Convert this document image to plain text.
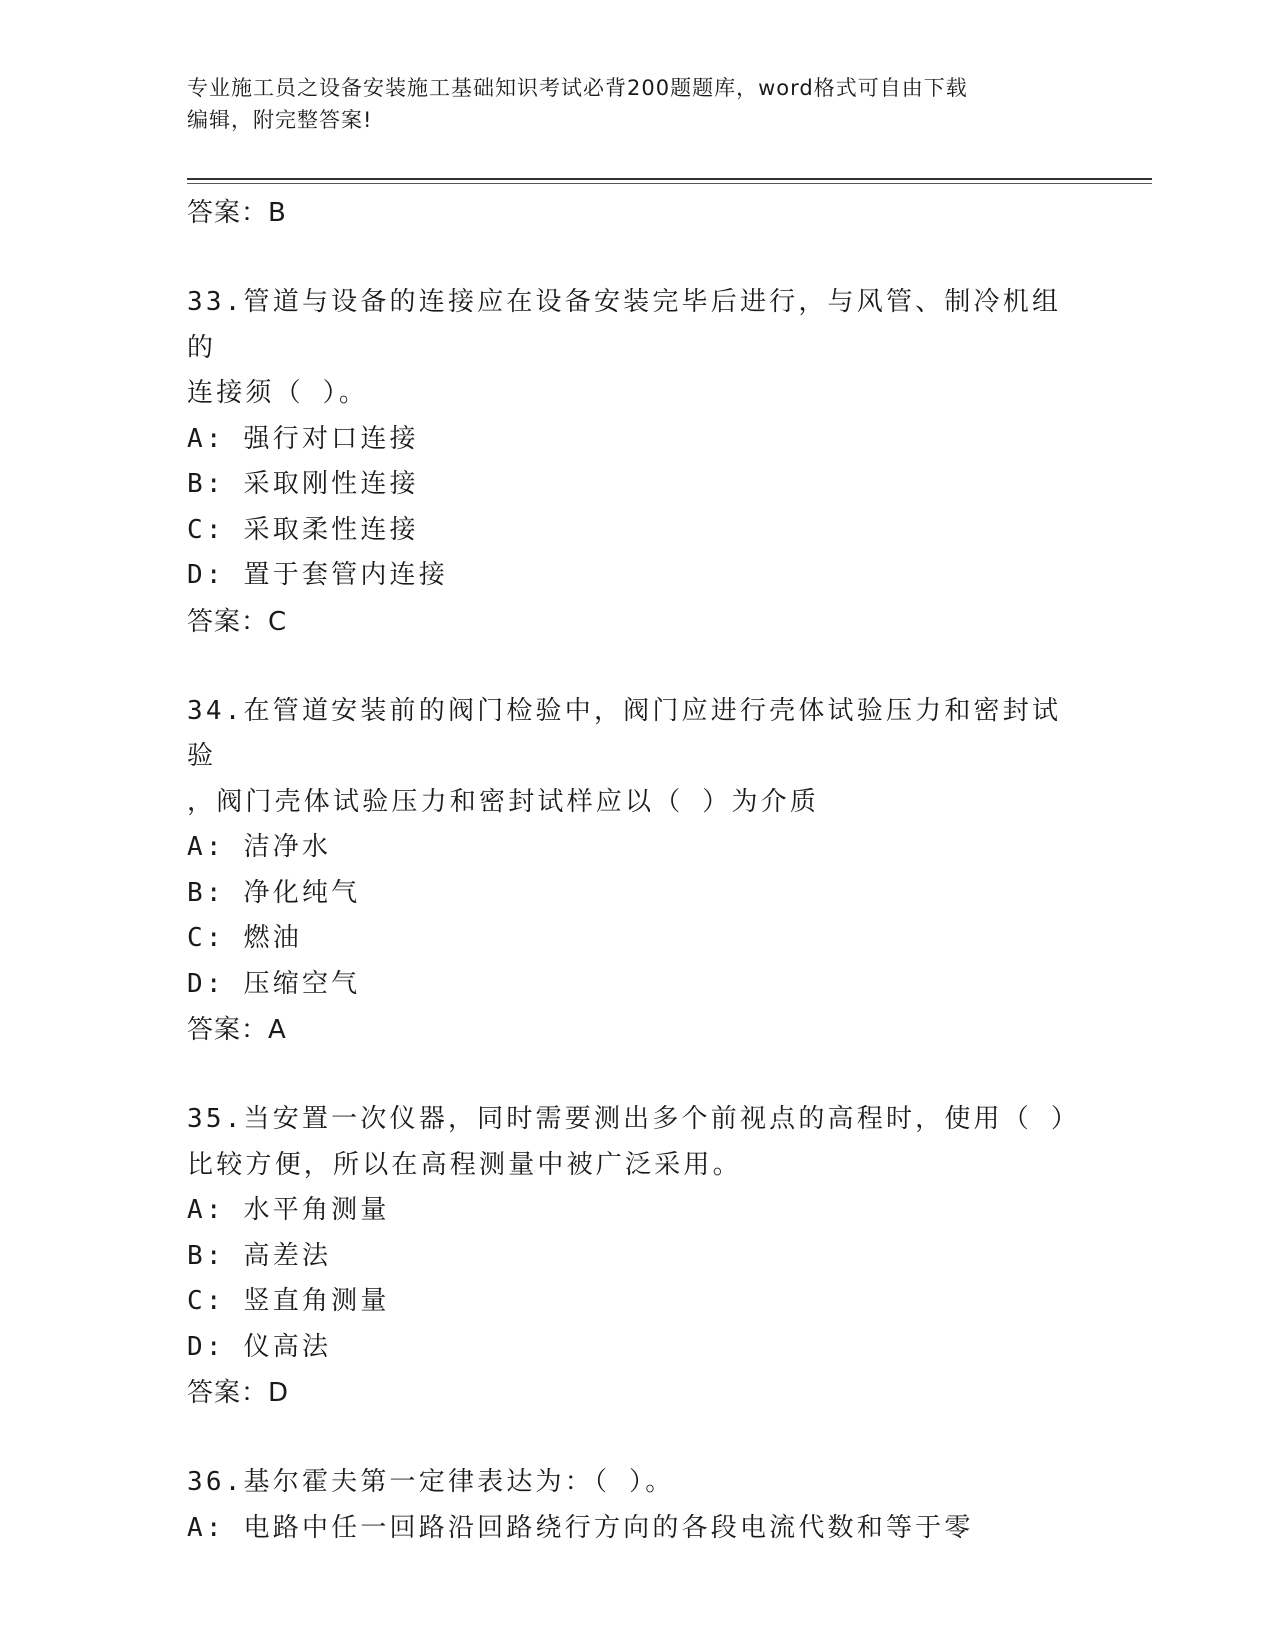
专业施工员之设备安装施工基础知识考试必背200题题库，word格式可自由下载
编辑，附完整答案!

答案：B

33.管道与设备的连接应在设备安装完毕后进行，与风管、制冷机组的
连接须（ ）。

A: 强行对口连接

B: 采取刚性连接

C: 采取柔性连接

D: 置于套管内连接

答案：C

34.在管道安装前的阀门检验中，阀门应进行壳体试验压力和密封试验
，阀门壳体试验压力和密封试样应以（ ）为介质

A: 洁净水

B: 净化纯气

C: 燃油

D: 压缩空气

答案：A

35.当安置一次仪器，同时需要测出多个前视点的高程时，使用（ ）
比较方便，所以在高程测量中被广泛采用。

A: 水平角测量

B: 高差法

C: 竖直角测量

D: 仪高法

答案：D

36.基尔霍夫第一定律表达为：（ ）。

A: 电路中任一回路沿回路绕行方向的各段电流代数和等于零
